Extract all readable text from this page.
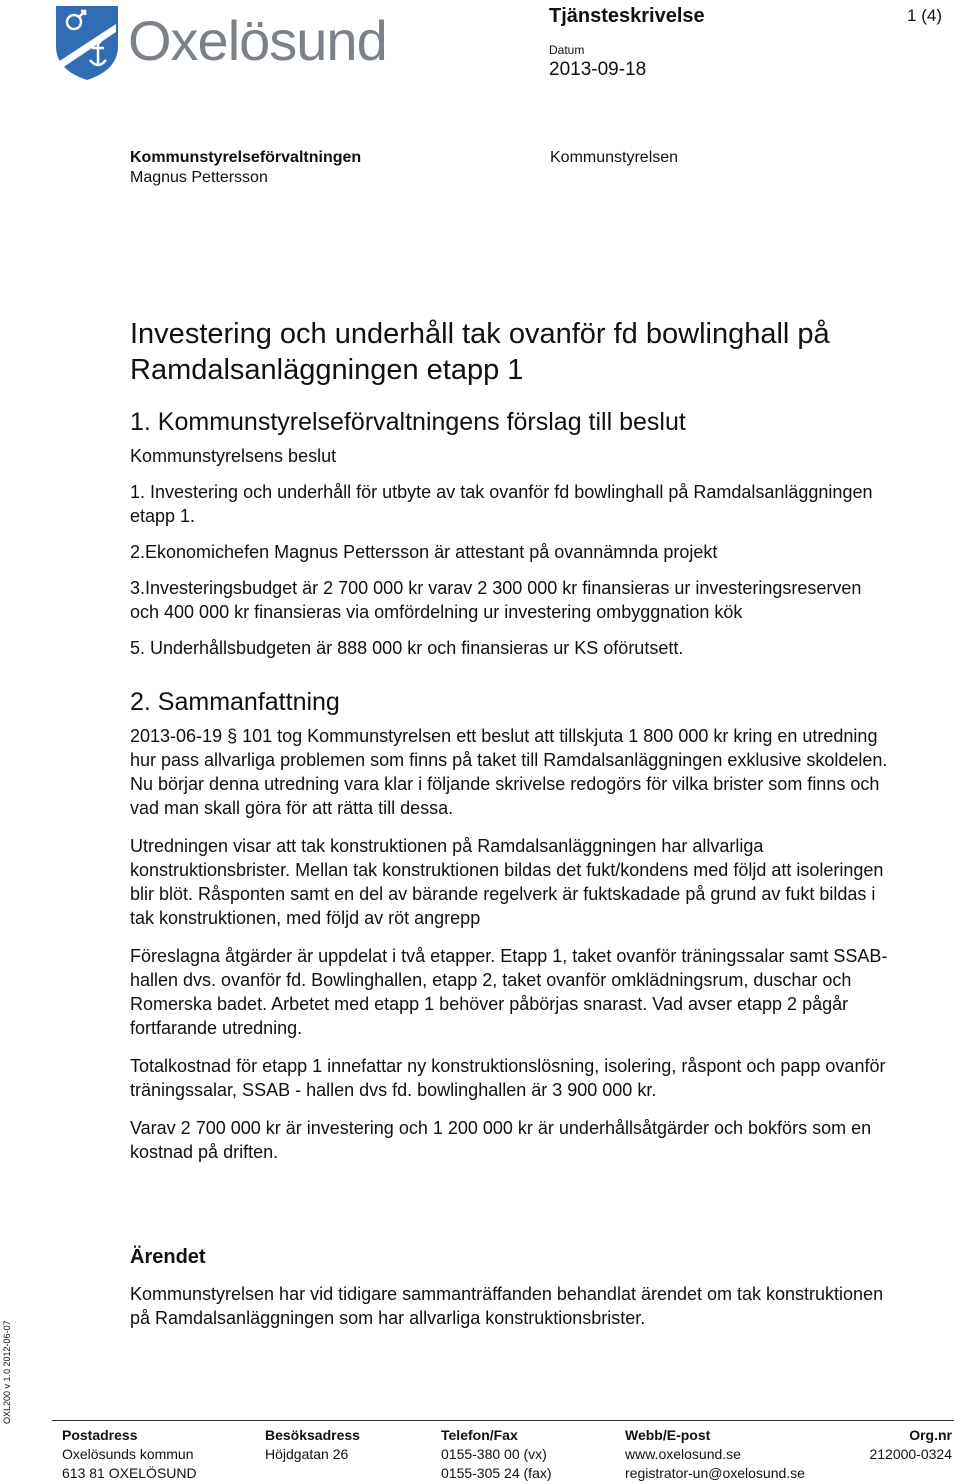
Oxelösund	Tjänsteskrivelse	1 (4)
Datum
2013-09-18
Kommunstyrelseförvaltningen
Magnus Pettersson
Kommunstyrelsen
Investering och underhåll tak ovanför fd bowlinghall på Ramdalsanläggningen etapp 1
1. Kommunstyrelseförvaltningens förslag till beslut
Kommunstyrelsens beslut
1. Investering och underhåll för utbyte av tak ovanför fd bowlinghall på Ramdalsanläggningen etapp 1.
2.Ekonomichefen Magnus Pettersson är attestant på ovannämnda projekt
3.Investeringsbudget är 2 700 000 kr varav 2 300 000 kr finansieras ur investeringsreserven och 400 000 kr finansieras via omfördelning ur investering ombyggnation kök
5. Underhållsbudgeten är 888 000 kr och finansieras ur KS oförutsett.
2. Sammanfattning
2013-06-19 § 101 tog Kommunstyrelsen ett beslut att tillskjuta 1 800 000 kr kring en utredning hur pass allvarliga problemen som finns på taket till Ramdalsanläggningen exklusive skoldelen. Nu börjar denna utredning vara klar i följande skrivelse redogörs för vilka brister som finns och vad man skall göra för att rätta till dessa.
Utredningen visar att tak konstruktionen på Ramdalsanläggningen har allvarliga konstruktionsbrister. Mellan tak konstruktionen bildas det fukt/kondens med följd att isoleringen blir blöt. Råsponten samt en del av bärande regelverk är fuktskadade på grund av fukt bildas i tak konstruktionen, med följd av röt angrepp
Föreslagna åtgärder är uppdelat i två etapper. Etapp 1, taket ovanför träningssalar samt SSAB- hallen dvs. ovanför fd. Bowlinghallen, etapp 2, taket ovanför omklädningsrum, duschar och Romerska badet. Arbetet med etapp 1 behöver påbörjas snarast. Vad avser etapp 2 pågår fortfarande utredning.
Totalkostnad för etapp 1 innefattar ny konstruktionslösning, isolering, råspont och papp ovanför träningssalar, SSAB - hallen dvs fd. bowlinghallen är 3 900 000 kr.
Varav 2 700 000 kr är investering och 1 200 000 kr är underhållsåtgärder och bokförs som en kostnad på driften.
Ärendet
Kommunstyrelsen har vid tidigare sammanträffanden behandlat ärendet om tak konstruktionen på Ramdalsanläggningen som har allvarliga konstruktionsbrister.
OXL200 v 1.0 2012-06-07
Postadress
Oxelösunds kommun
613 81 OXELÖSUND
Besöksadress
Höjdgatan 26
Telefon/Fax
0155-380 00 (vx)
0155-305 24 (fax)
Webb/E-post
www.oxelosund.se
registrator-un@oxelosund.se
Org.nr
212000-0324
